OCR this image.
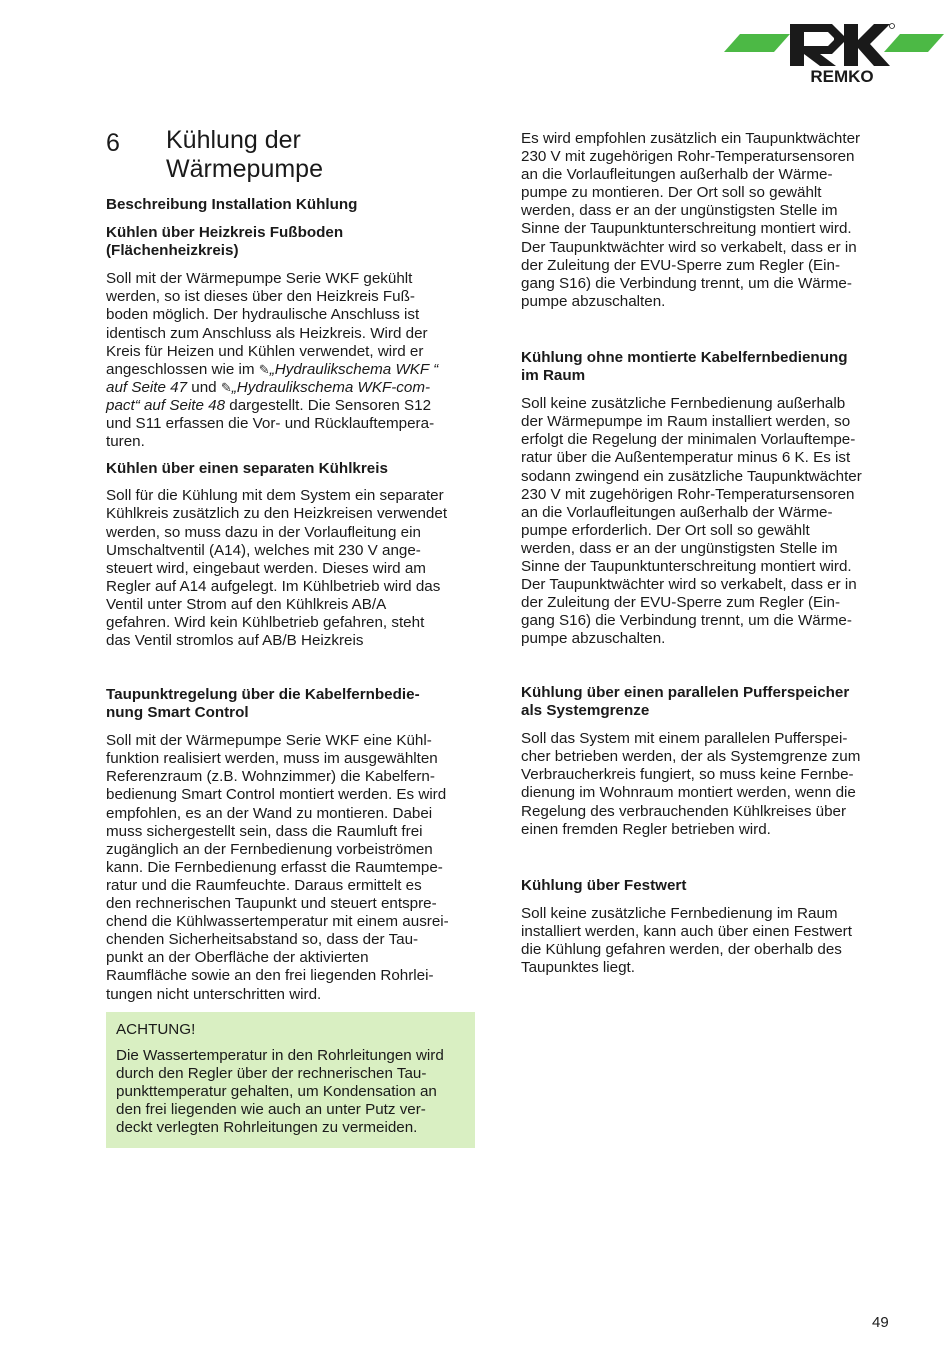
REMKO
6 Kühlung der
Wärmepumpe
Beschreibung Installation Kühlung
Kühlen über Heizkreis Fußboden
(Flächenheizkreis)

Soll mit der Wärmepumpe Serie WKF gekühlt
werden, so ist dieses über den Heizkreis Fuß-
boden möglich. Der hydraulische Anschluss ist
identisch zum Anschluss als Heizkreis. Wird der
Kreis für Heizen und Kühlen verwendet, wird er
angeschlossen wie im ✎„Hydraulikschema WKF “
auf Seite 47 und ✎„Hydraulikschema WKF-com-
pact“ auf Seite 48 dargestellt. Die Sensoren S12
und S11 erfassen die Vor- und Rücklauftempera-
turen.

Kühlen über einen separaten Kühlkreis

Soll für die Kühlung mit dem System ein separater
Kühlkreis zusätzlich zu den Heizkreisen verwendet
werden, so muss dazu in der Vorlaufleitung ein
Umschaltventil (A14), welches mit 230 V ange-
steuert wird, eingebaut werden. Dieses wird am
Regler auf A14 aufgelegt. Im Kühlbetrieb wird das
Ventil unter Strom auf den Kühlkreis AB/A
gefahren. Wird kein Kühlbetrieb gefahren, steht
das Ventil stromlos auf AB/B Heizkreis

Taupunktregelung über die Kabelfernbedie-
nung Smart Control

Soll mit der Wärmepumpe Serie WKF eine Kühl-
funktion realisiert werden, muss im ausgewählten
Referenzraum (z.B. Wohnzimmer) die Kabelfern-
bedienung Smart Control montiert werden. Es wird
empfohlen, es an der Wand zu montieren. Dabei
muss sichergestellt sein, dass die Raumluft frei
zugänglich an der Fernbedienung vorbeiströmen
kann. Die Fernbedienung erfasst die Raumtempe-
ratur und die Raumfeuchte. Daraus ermittelt es
den rechnerischen Taupunkt und steuert entspre-
chend die Kühlwassertemperatur mit einem ausrei-
chenden Sicherheitsabstand so, dass der Tau-
punkt an der Oberfläche der aktivierten
Raumfläche sowie an den frei liegenden Rohrlei-
tungen nicht unterschritten wird.

ACHTUNG!

Die Wassertemperatur in den Rohrleitungen wird
durch den Regler über der rechnerischen Tau-
punkttemperatur gehalten, um Kondensation an
den frei liegenden wie auch an unter Putz ver-
deckt verlegten Rohrleitungen zu vermeiden.

Es wird empfohlen zusätzlich ein Taupunktwächter
230 V mit zugehörigen Rohr-Temperatursensoren
an die Vorlaufleitungen außerhalb der Wärme-
pumpe zu montieren. Der Ort soll so gewählt
werden, dass er an der ungünstigsten Stelle im
Sinne der Taupunktunterschreitung montiert wird.
Der Taupunktwächter wird so verkabelt, dass er in
der Zuleitung der EVU-Sperre zum Regler (Ein-
gang S16) die Verbindung trennt, um die Wärme-
pumpe abzuschalten.

Kühlung ohne montierte Kabelfernbedienung
im Raum

Soll keine zusätzliche Fernbedienung außerhalb
der Wärmepumpe im Raum installiert werden, so
erfolgt die Regelung der minimalen Vorlauftempe-
ratur über die Außentemperatur minus 6 K. Es ist
sodann zwingend ein zusätzliche Taupunktwächter
230 V mit zugehörigen Rohr-Temperatursensoren
an die Vorlaufleitungen außerhalb der Wärme-
pumpe erforderlich. Der Ort soll so gewählt
werden, dass er an der ungünstigsten Stelle im
Sinne der Taupunktunterschreitung montiert wird.
Der Taupunktwächter wird so verkabelt, dass er in
der Zuleitung der EVU-Sperre zum Regler (Ein-
gang S16) die Verbindung trennt, um die Wärme-
pumpe abzuschalten.

Kühlung über einen parallelen Pufferspeicher
als Systemgrenze

Soll das System mit einem parallelen Pufferspei-
cher betrieben werden, der als Systemgrenze zum
Verbraucherkreis fungiert, so muss keine Fernbe-
dienung im Wohnraum montiert werden, wenn die
Regelung des verbrauchenden Kühlkreises über
einen fremden Regler betrieben wird.

Kühlung über Festwert

Soll keine zusätzliche Fernbedienung im Raum
installiert werden, kann auch über einen Festwert
die Kühlung gefahren werden, der oberhalb des
Taupunktes liegt.

49
